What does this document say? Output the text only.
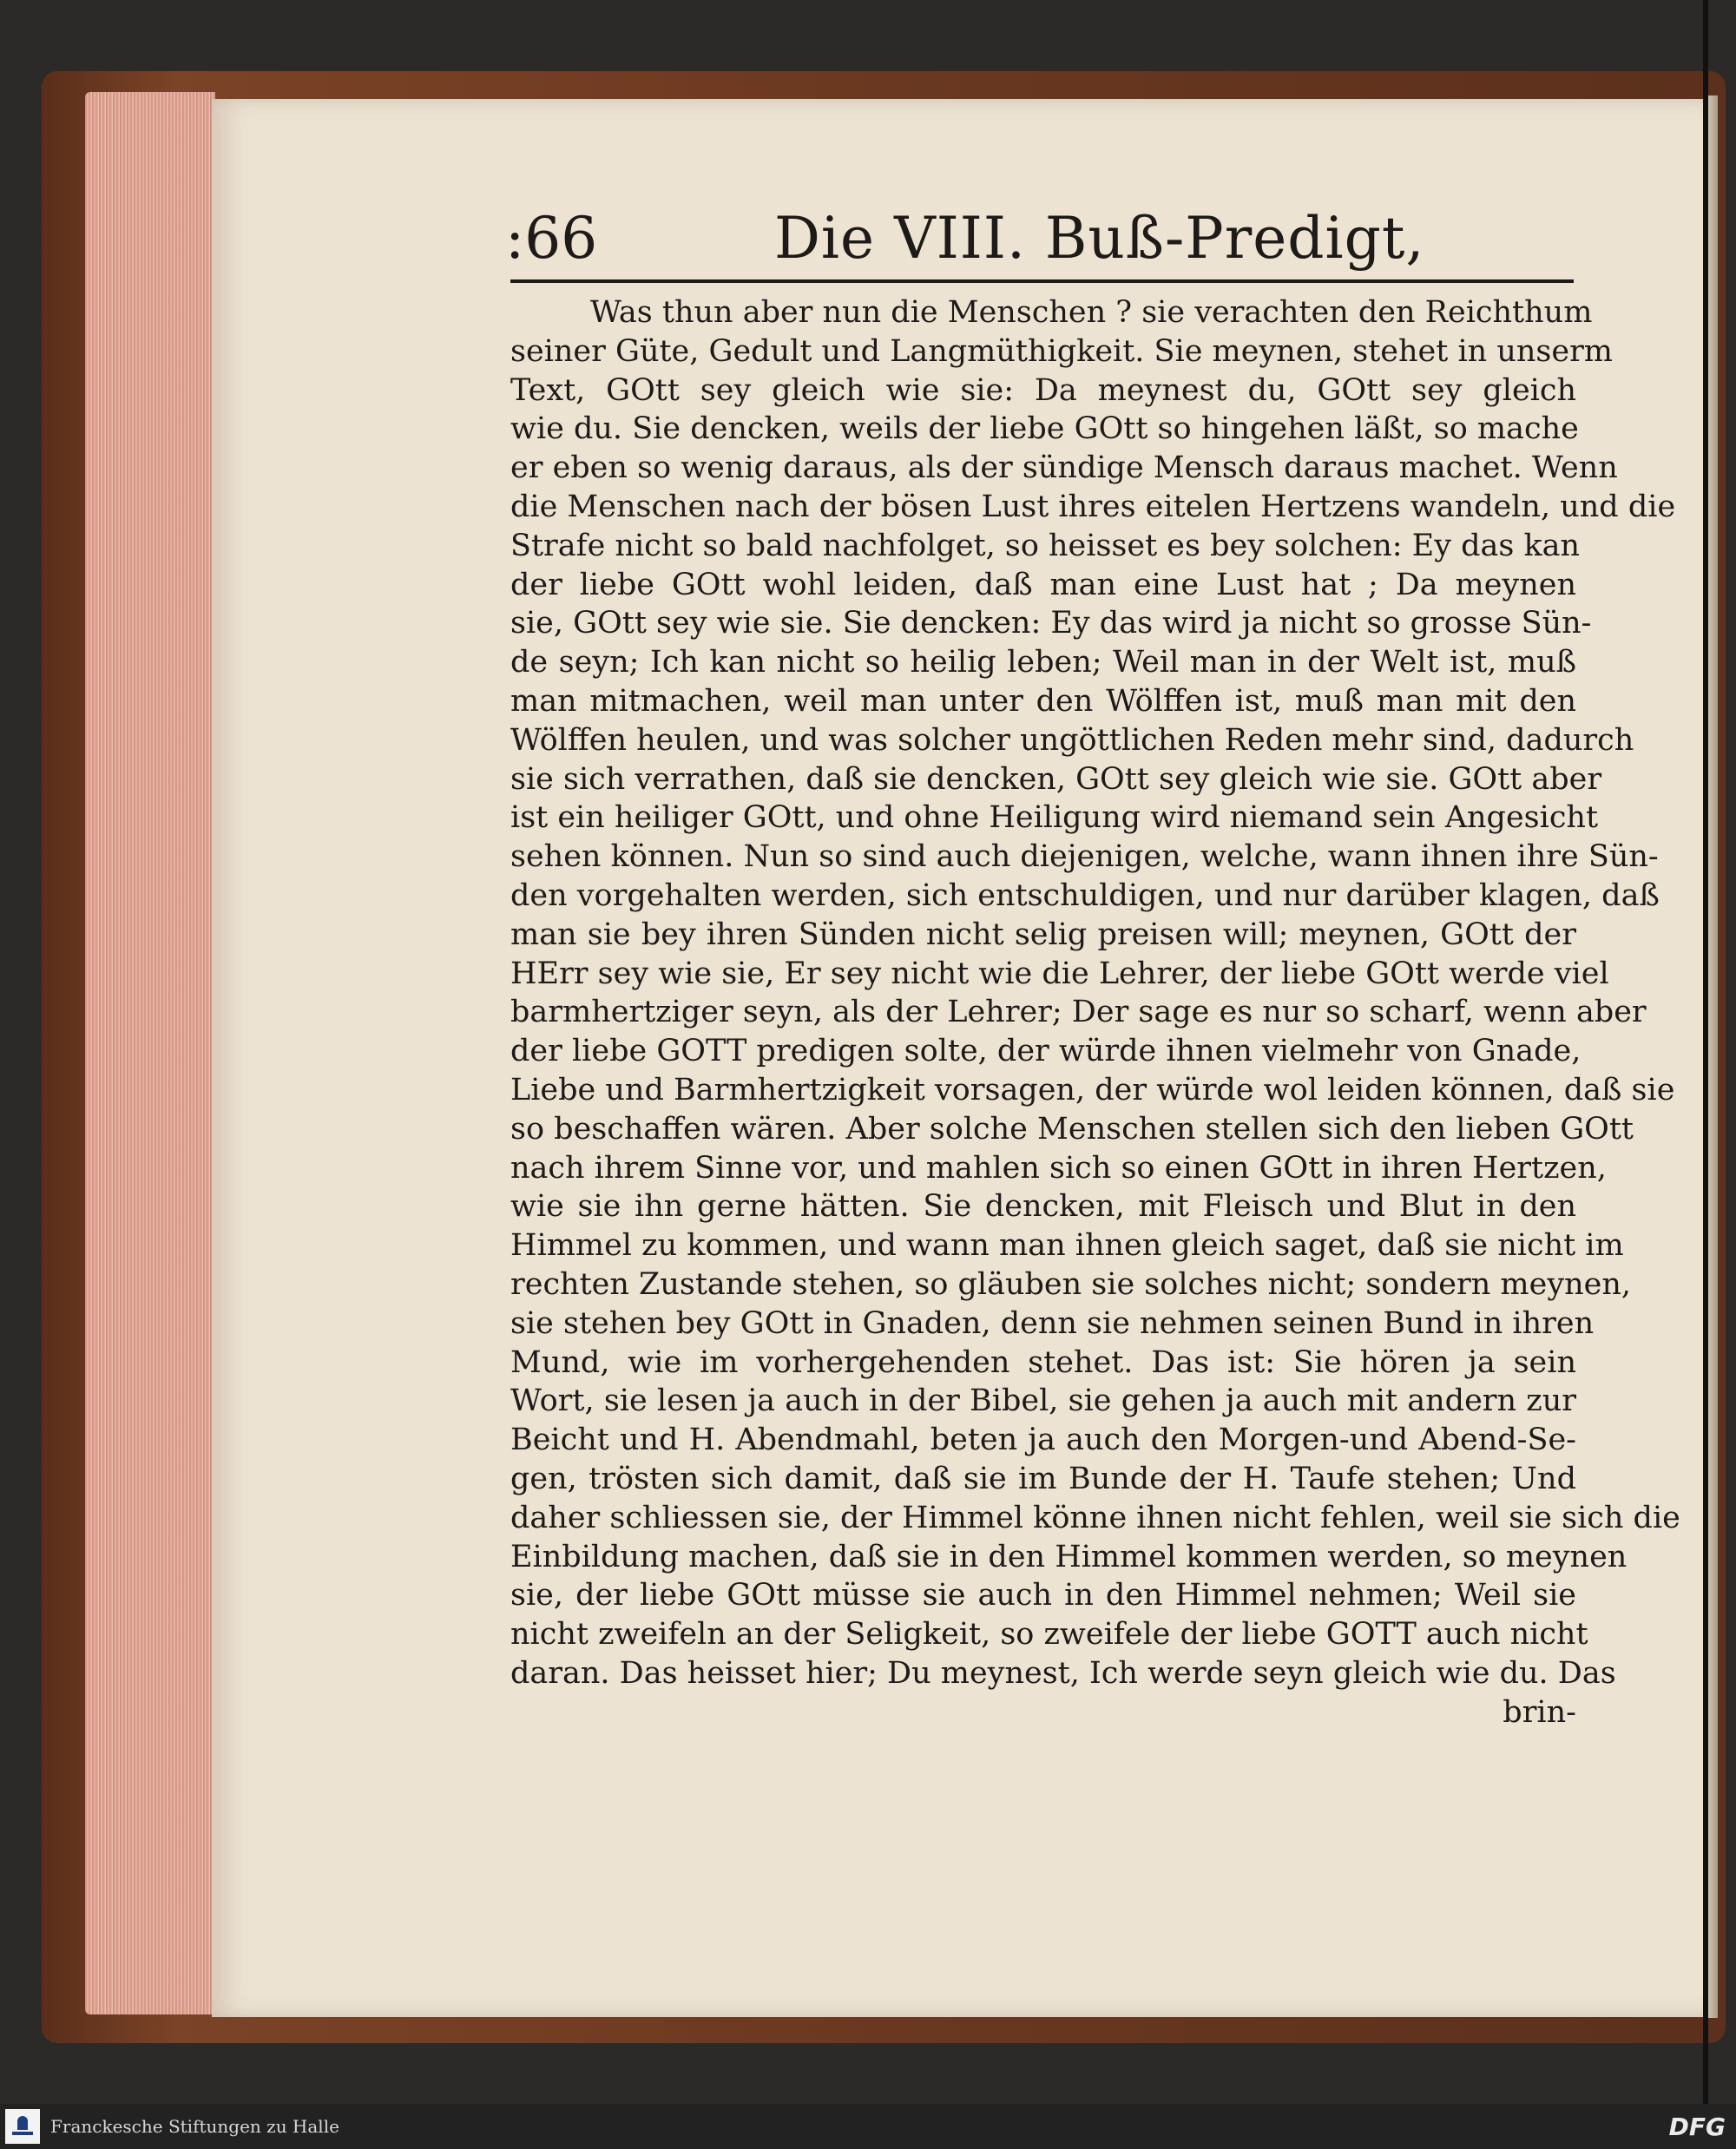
:66	Die VIII. Buß-Predigt,
Was thun aber nun die Menschen ? sie verachten den Reichthum
seiner Güte, Gedult und Langmüthigkeit. Sie meynen, stehet in unserm
Text, GOtt sey gleich wie sie: Da meynest du, GOtt sey gleich
wie du. Sie dencken, weils der liebe GOtt so hingehen läßt, so mache
er eben so wenig daraus, als der sündige Mensch daraus machet. Wenn
die Menschen nach der bösen Lust ihres eitelen Hertzens wandeln, und die
Strafe nicht so bald nachfolget, so heisset es bey solchen: Ey das kan
der liebe GOtt wohl leiden, daß man eine Lust hat ; Da meynen
sie, GOtt sey wie sie. Sie dencken: Ey das wird ja nicht so grosse Sün-
de seyn; Ich kan nicht so heilig leben; Weil man in der Welt ist, muß
man mitmachen, weil man unter den Wölffen ist, muß man mit den
Wölffen heulen, und was solcher ungöttlichen Reden mehr sind, dadurch
sie sich verrathen, daß sie dencken, GOtt sey gleich wie sie. GOtt aber
ist ein heiliger GOtt, und ohne Heiligung wird niemand sein Angesicht
sehen können. Nun so sind auch diejenigen, welche, wann ihnen ihre Sün-
den vorgehalten werden, sich entschuldigen, und nur darüber klagen, daß
man sie bey ihren Sünden nicht selig preisen will; meynen, GOtt der
HErr sey wie sie, Er sey nicht wie die Lehrer, der liebe GOtt werde viel
barmhertziger seyn, als der Lehrer; Der sage es nur so scharf, wenn aber
der liebe GOTT predigen solte, der würde ihnen vielmehr von Gnade,
Liebe und Barmhertzigkeit vorsagen, der würde wol leiden können, daß sie
so beschaffen wären. Aber solche Menschen stellen sich den lieben GOtt
nach ihrem Sinne vor, und mahlen sich so einen GOtt in ihren Hertzen,
wie sie ihn gerne hätten. Sie dencken, mit Fleisch und Blut in den
Himmel zu kommen, und wann man ihnen gleich saget, daß sie nicht im
rechten Zustande stehen, so gläuben sie solches nicht; sondern meynen,
sie stehen bey GOtt in Gnaden, denn sie nehmen seinen Bund in ihren
Mund, wie im vorhergehenden stehet. Das ist: Sie hören ja sein
Wort, sie lesen ja auch in der Bibel, sie gehen ja auch mit andern zur
Beicht und H. Abendmahl, beten ja auch den Morgen-und Abend-Se-
gen, trösten sich damit, daß sie im Bunde der H. Taufe stehen; Und
daher schliessen sie, der Himmel könne ihnen nicht fehlen, weil sie sich die
Einbildung machen, daß sie in den Himmel kommen werden, so meynen
sie, der liebe GOtt müsse sie auch in den Himmel nehmen; Weil sie
nicht zweifeln an der Seligkeit, so zweifele der liebe GOTT auch nicht
daran. Das heisset hier; Du meynest, Ich werde seyn gleich wie du. Das
brin-
Franckesche Stiftungen zu Halle	DFG
